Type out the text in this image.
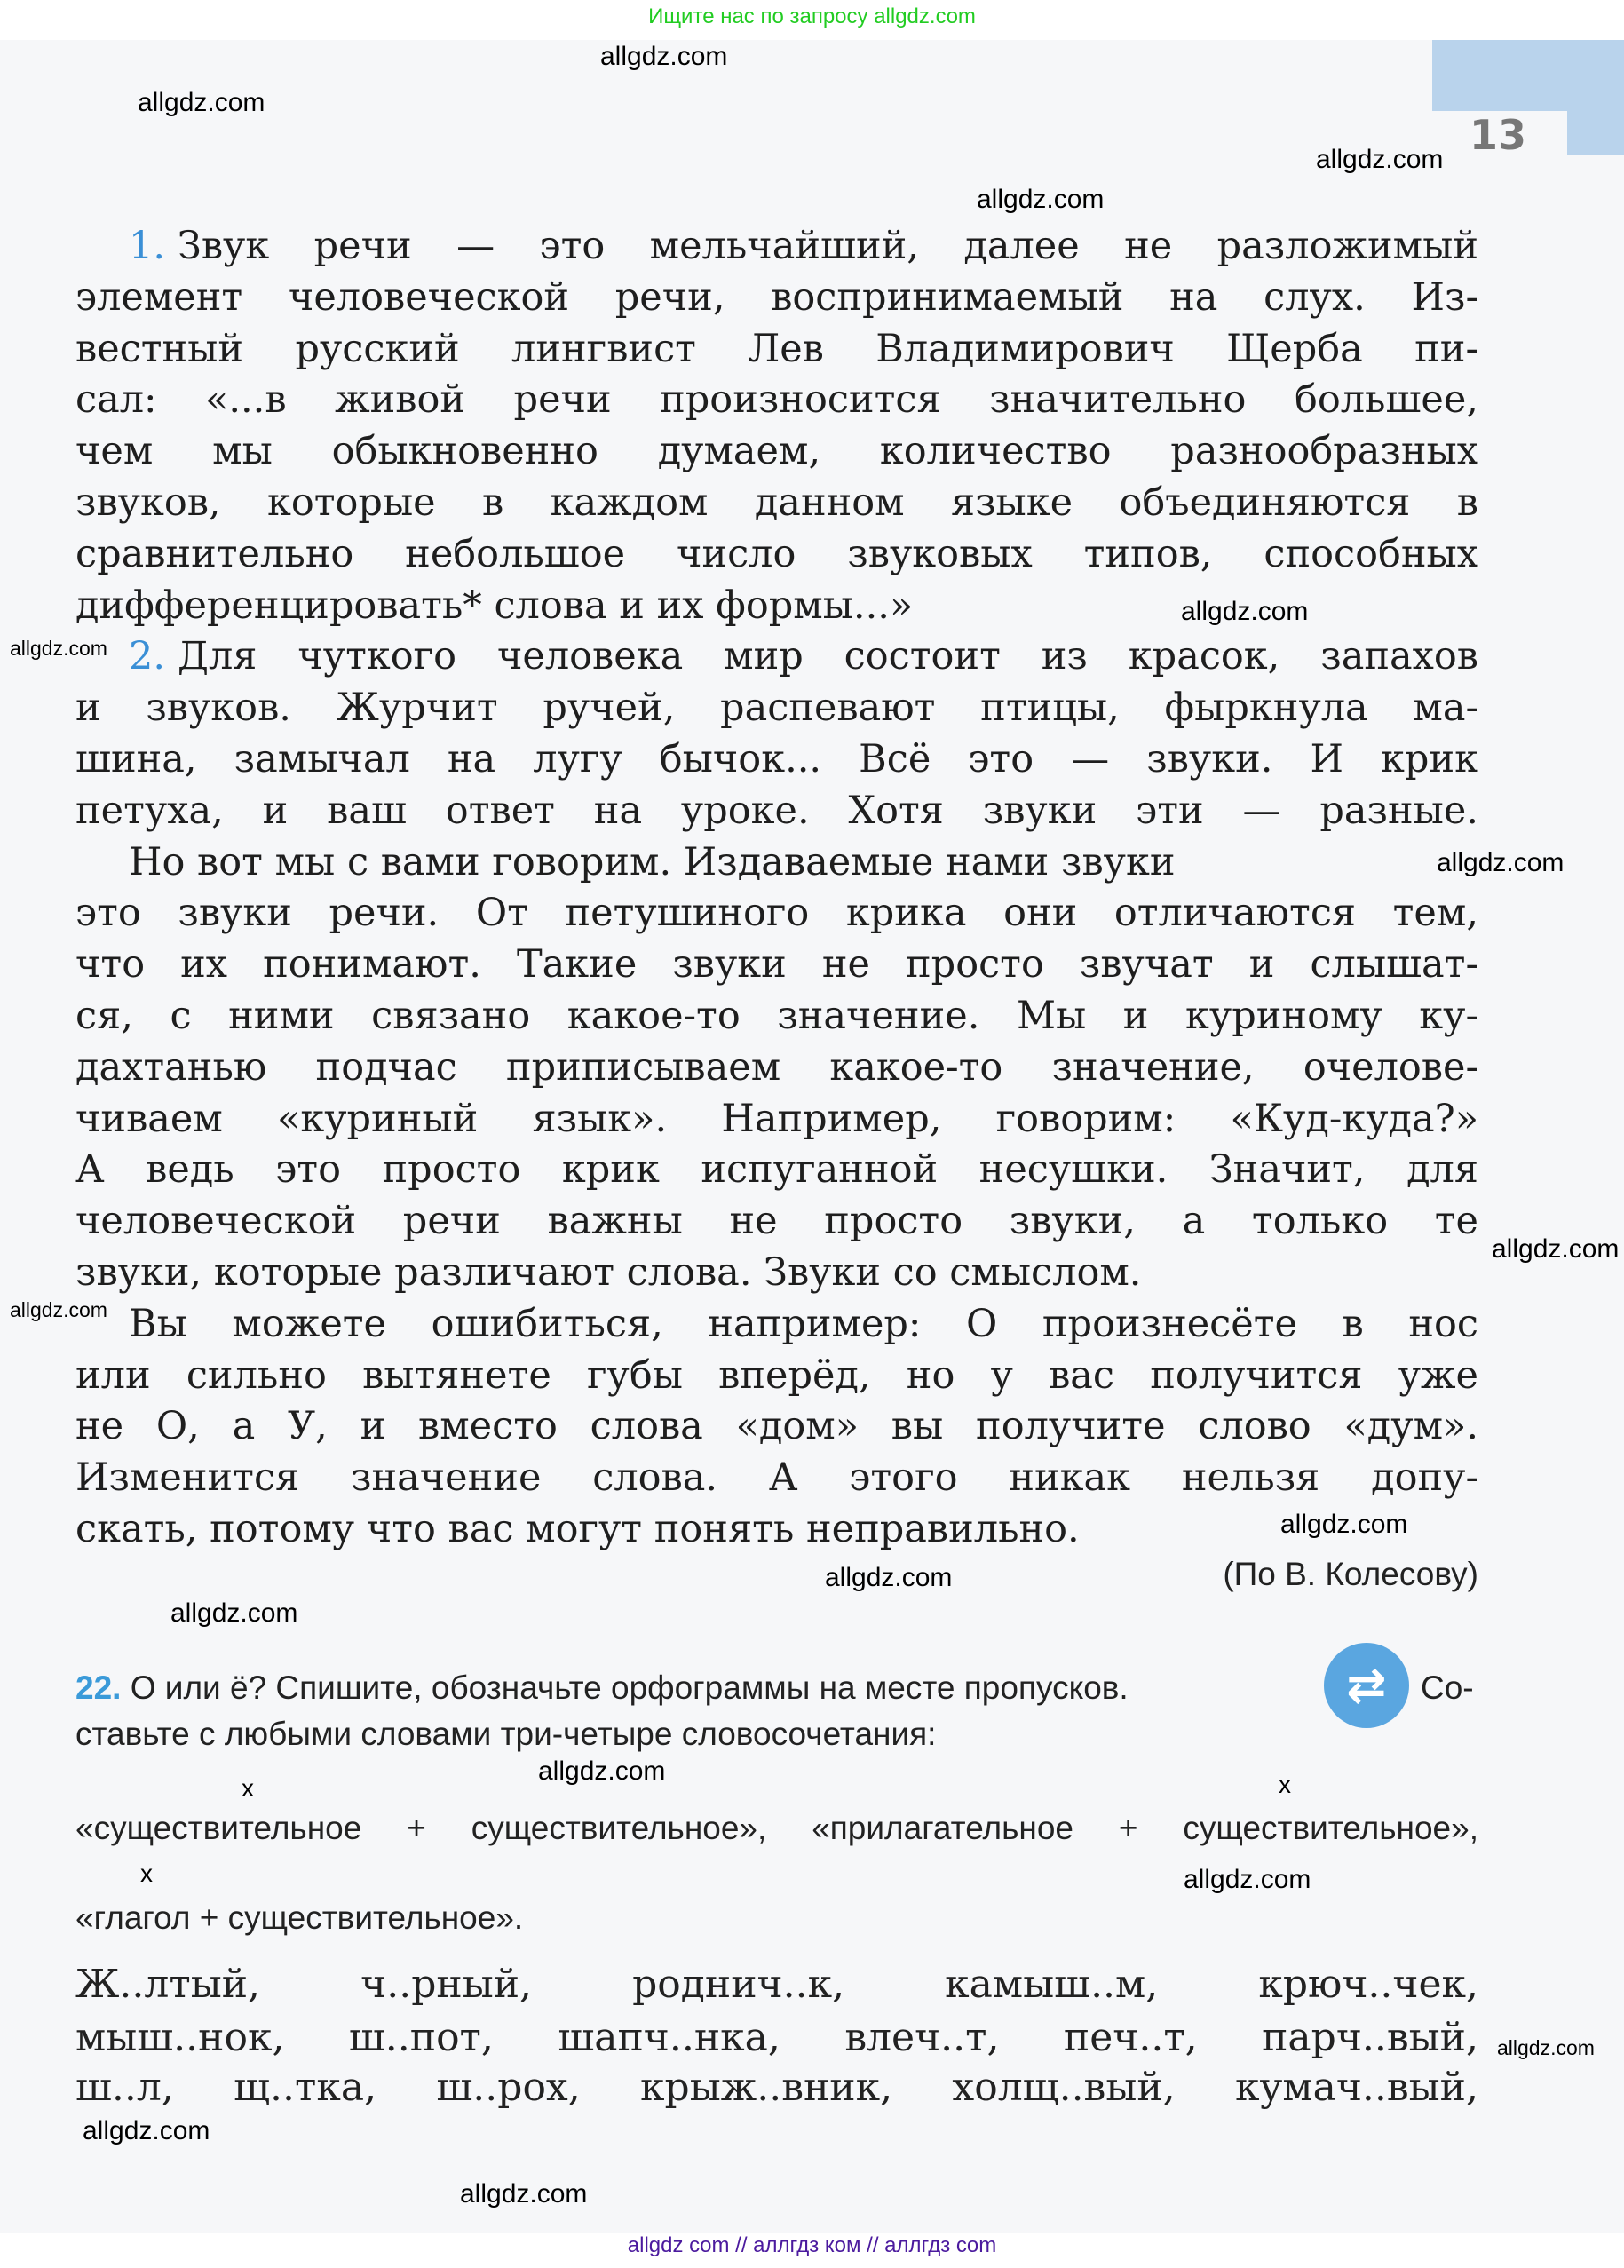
Ищите нас по запросу allgdz.com
13
1. Звук речи — это мельчайший, далее не разложимый
элемент человеческой речи, воспринимаемый на слух. Из-
вестный русский лингвист Лев Владимирович Щерба пи-
сал: «...в живой речи произносится значительно большее,
чем мы обыкновенно думаем, количество разнообразных
звуков, которые в каждом данном языке объединяются в
сравнительно небольшое число звуковых типов, способных
дифференцировать* слова и их формы...»
2. Для чуткого человека мир состоит из красок, запахов
и звуков. Журчит ручей, распевают птицы, фыркнула ма-
шина, замычал на лугу бычок... Всё это — звуки. И крик
петуха, и ваш ответ на уроке. Хотя звуки эти — разные.
Но вот мы с вами говорим. Издаваемые нами звуки
это звуки речи. От петушиного крика они отличаются тем,
что их понимают. Такие звуки не просто звучат и слышат-
ся, с ними связано какое-то значение. Мы и куриному ку-
дахтанью подчас приписываем какое-то значение, очелове-
чиваем «куриный язык». Например, говорим: «Куд-куда?»
А ведь это просто крик испуганной несушки. Значит, для
человеческой речи важны не просто звуки, а только те
звуки, которые различают слова. Звуки со смыслом.
Вы можете ошибиться, например: О произнесёте в нос
или сильно вытянете губы вперёд, но у вас получится уже
не О, а У, и вместо слова «дом» вы получите слово «дум».
Изменится значение слова. А этого никак нельзя допу-
скать, потому что вас могут понять неправильно.
(По В. Колесову)
22. О или ё? Спишите, обозначьте орфограммы на месте пропусков.	⇄	Со-
ставьте с любыми словами три-четыре словосочетания:
x	x
«существительное + существительное», «прилагательное + существительное»,
x
«глагол + существительное».
Ж..лтый, ч..рный, роднич..к, камыш..м, крюч..чек,
мыш..нок, ш..пот, шапч..нка, влеч..т, печ..т, парч..вый,
ш..л, щ..тка, ш..рох, крыж..вник, холщ..вый, кумач..вый,
allgdz.com
allgdz.com
allgdz.com
allgdz.com
allgdz.com
allgdz.com
allgdz.com
allgdz.com
allgdz.com
allgdz.com
allgdz.com
allgdz.com
allgdz.com
allgdz.com
allgdz.com
allgdz.com
allgdz.com
allgdz com // аллгдз ком // аллгдз com
